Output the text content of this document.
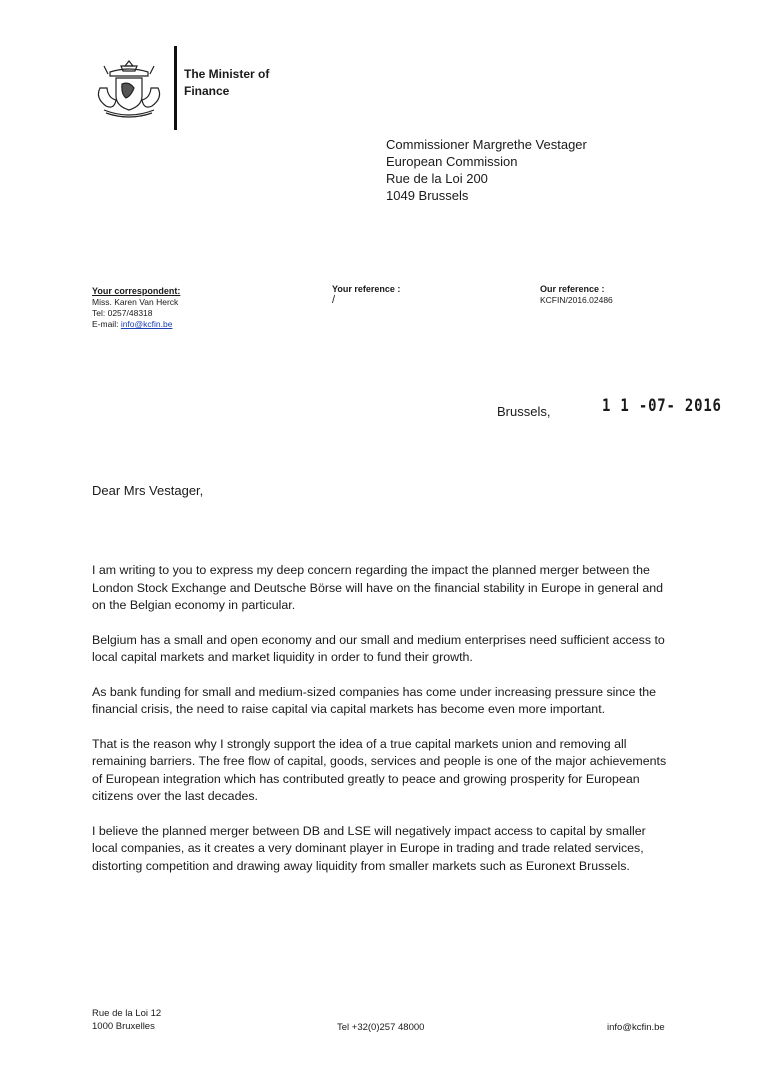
The Minister of
Finance
Commissioner Margrethe Vestager
European Commission
Rue de la Loi 200
1049 Brussels
Your correspondent:
Miss. Karen Van Herck
Tel: 0257/48318
E-mail: info@kcfin.be
Your reference :
/
Our reference :
KCFIN/2016.02486
Brussels,	1 1 -07- 2016
Dear Mrs Vestager,

I am writing to you to express my deep concern regarding the impact the planned merger between the London Stock Exchange and Deutsche Börse will have on the financial stability in Europe in general and on the Belgian economy in particular.

Belgium has a small and open economy and our small and medium enterprises need sufficient access to local capital markets and market liquidity in order to fund their growth.

As bank funding for small and medium-sized companies has come under increasing pressure since the financial crisis, the need to raise capital via capital markets has become even more important.

That is the reason why I strongly support the idea of a true capital markets union and removing all remaining barriers. The free flow of capital, goods, services and people is one of the major achievements of European integration which has contributed greatly to peace and growing prosperity for European citizens over the last decades.

I believe the planned merger between DB and LSE will negatively impact access to capital by smaller local companies, as it creates a very dominant player in Europe in trading and trade related services, distorting competition and drawing away liquidity from smaller markets such as Euronext Brussels.

Rue de la Loi 12
1000 Bruxelles	Tel +32(0)257 48000	info@kcfin.be
